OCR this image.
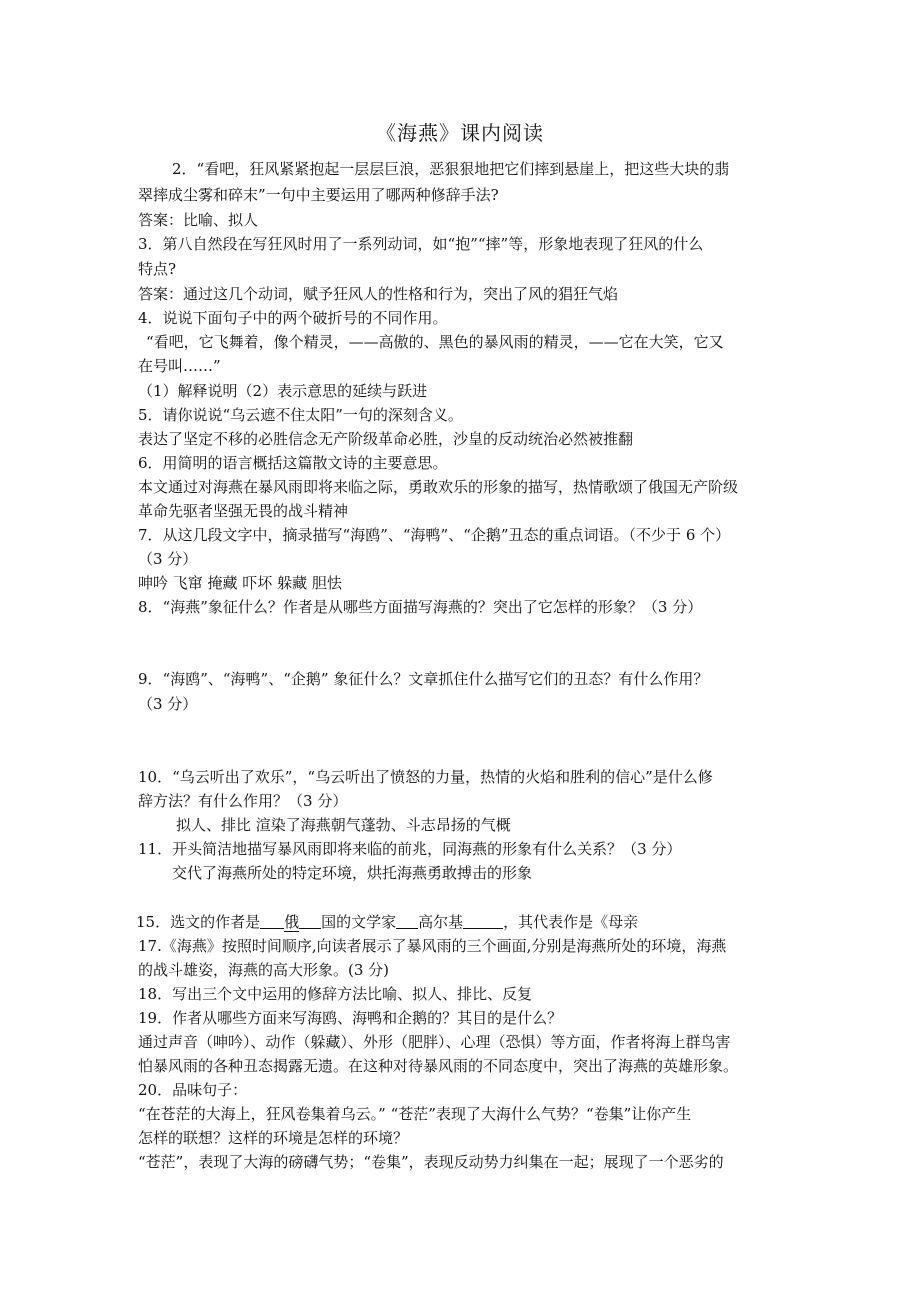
《海燕》课内阅读
2．“看吧，狂风紧紧抱起一层层巨浪，恶狠狠地把它们摔到悬崖上，把这些大块的翡
翠摔成尘雾和碎末”一句中主要运用了哪两种修辞手法?
答案：比喻、拟人
3．第八自然段在写狂风时用了一系列动词，如“抱”“摔”等，形象地表现了狂风的什么
特点?
答案：通过这几个动词，赋予狂风人的性格和行为，突出了风的猖狂气焰
4．说说下面句子中的两个破折号的不同作用。
“看吧，它飞舞着，像个精灵，——高傲的、黑色的暴风雨的精灵，——它在大笑，它又
在号叫……”
（1）解释说明（2）表示意思的延续与跃进
5．请你说说“乌云遮不住太阳”一句的深刻含义。
表达了坚定不移的必胜信念无产阶级革命必胜，沙皇的反动统治必然被推翻
6．用简明的语言概括这篇散文诗的主要意思。
本文通过对海燕在暴风雨即将来临之际，勇敢欢乐的形象的描写，热情歌颂了俄国无产阶级
革命先驱者坚强无畏的战斗精神
7．从这几段文字中，摘录描写“海鸥”、“海鸭”、“企鹅”丑态的重点词语。（不少于 6 个）
（3 分）
呻吟 飞窜 掩藏 吓坏 躲藏 胆怯
8．“海燕”象征什么？作者是从哪些方面描写海燕的？突出了它怎样的形象？（3 分）
9．“海鸥”、“海鸭”、“企鹅” 象征什么？文章抓住什么描写它们的丑态？有什么作用？
（3 分）
10．“乌云听出了欢乐”，“乌云听出了愤怒的力量，热情的火焰和胜利的信心”是什么修
辞方法？有什么作用？（3 分）
拟人、排比 渲染了海燕朝气蓬勃、斗志昂扬的气概
11．开头简洁地描写暴风雨即将来临的前兆，同海燕的形象有什么关系？（3 分）
交代了海燕所处的特定环境，烘托海燕勇敢搏击的形象
15．选文的作者是 俄 国的文学家 高尔基	，其代表作是《母亲
17.《海燕》按照时间顺序,向读者展示了暴风雨的三个画面,分别是海燕所处的环境，海燕
的战斗雄姿，海燕的高大形象。(3 分)
18．写出三个文中运用的修辞方法比喻、拟人、排比、反复
19．作者从哪些方面来写海鸥、海鸭和企鹅的？其目的是什么？
通过声音（呻吟）、动作（躲藏）、外形（肥胖）、心理（恐惧）等方面，作者将海上群鸟害
怕暴风雨的各种丑态揭露无遗。在这种对待暴风雨的不同态度中，突出了海燕的英雄形象。
20．品味句子：
“在苍茫的大海上，狂风卷集着乌云。” “苍茫”表现了大海什么气势？“卷集”让你产生
怎样的联想？这样的环境是怎样的环境？
“苍茫”，表现了大海的磅礴气势；“卷集”，表现反动势力纠集在一起；展现了一个恶劣的
